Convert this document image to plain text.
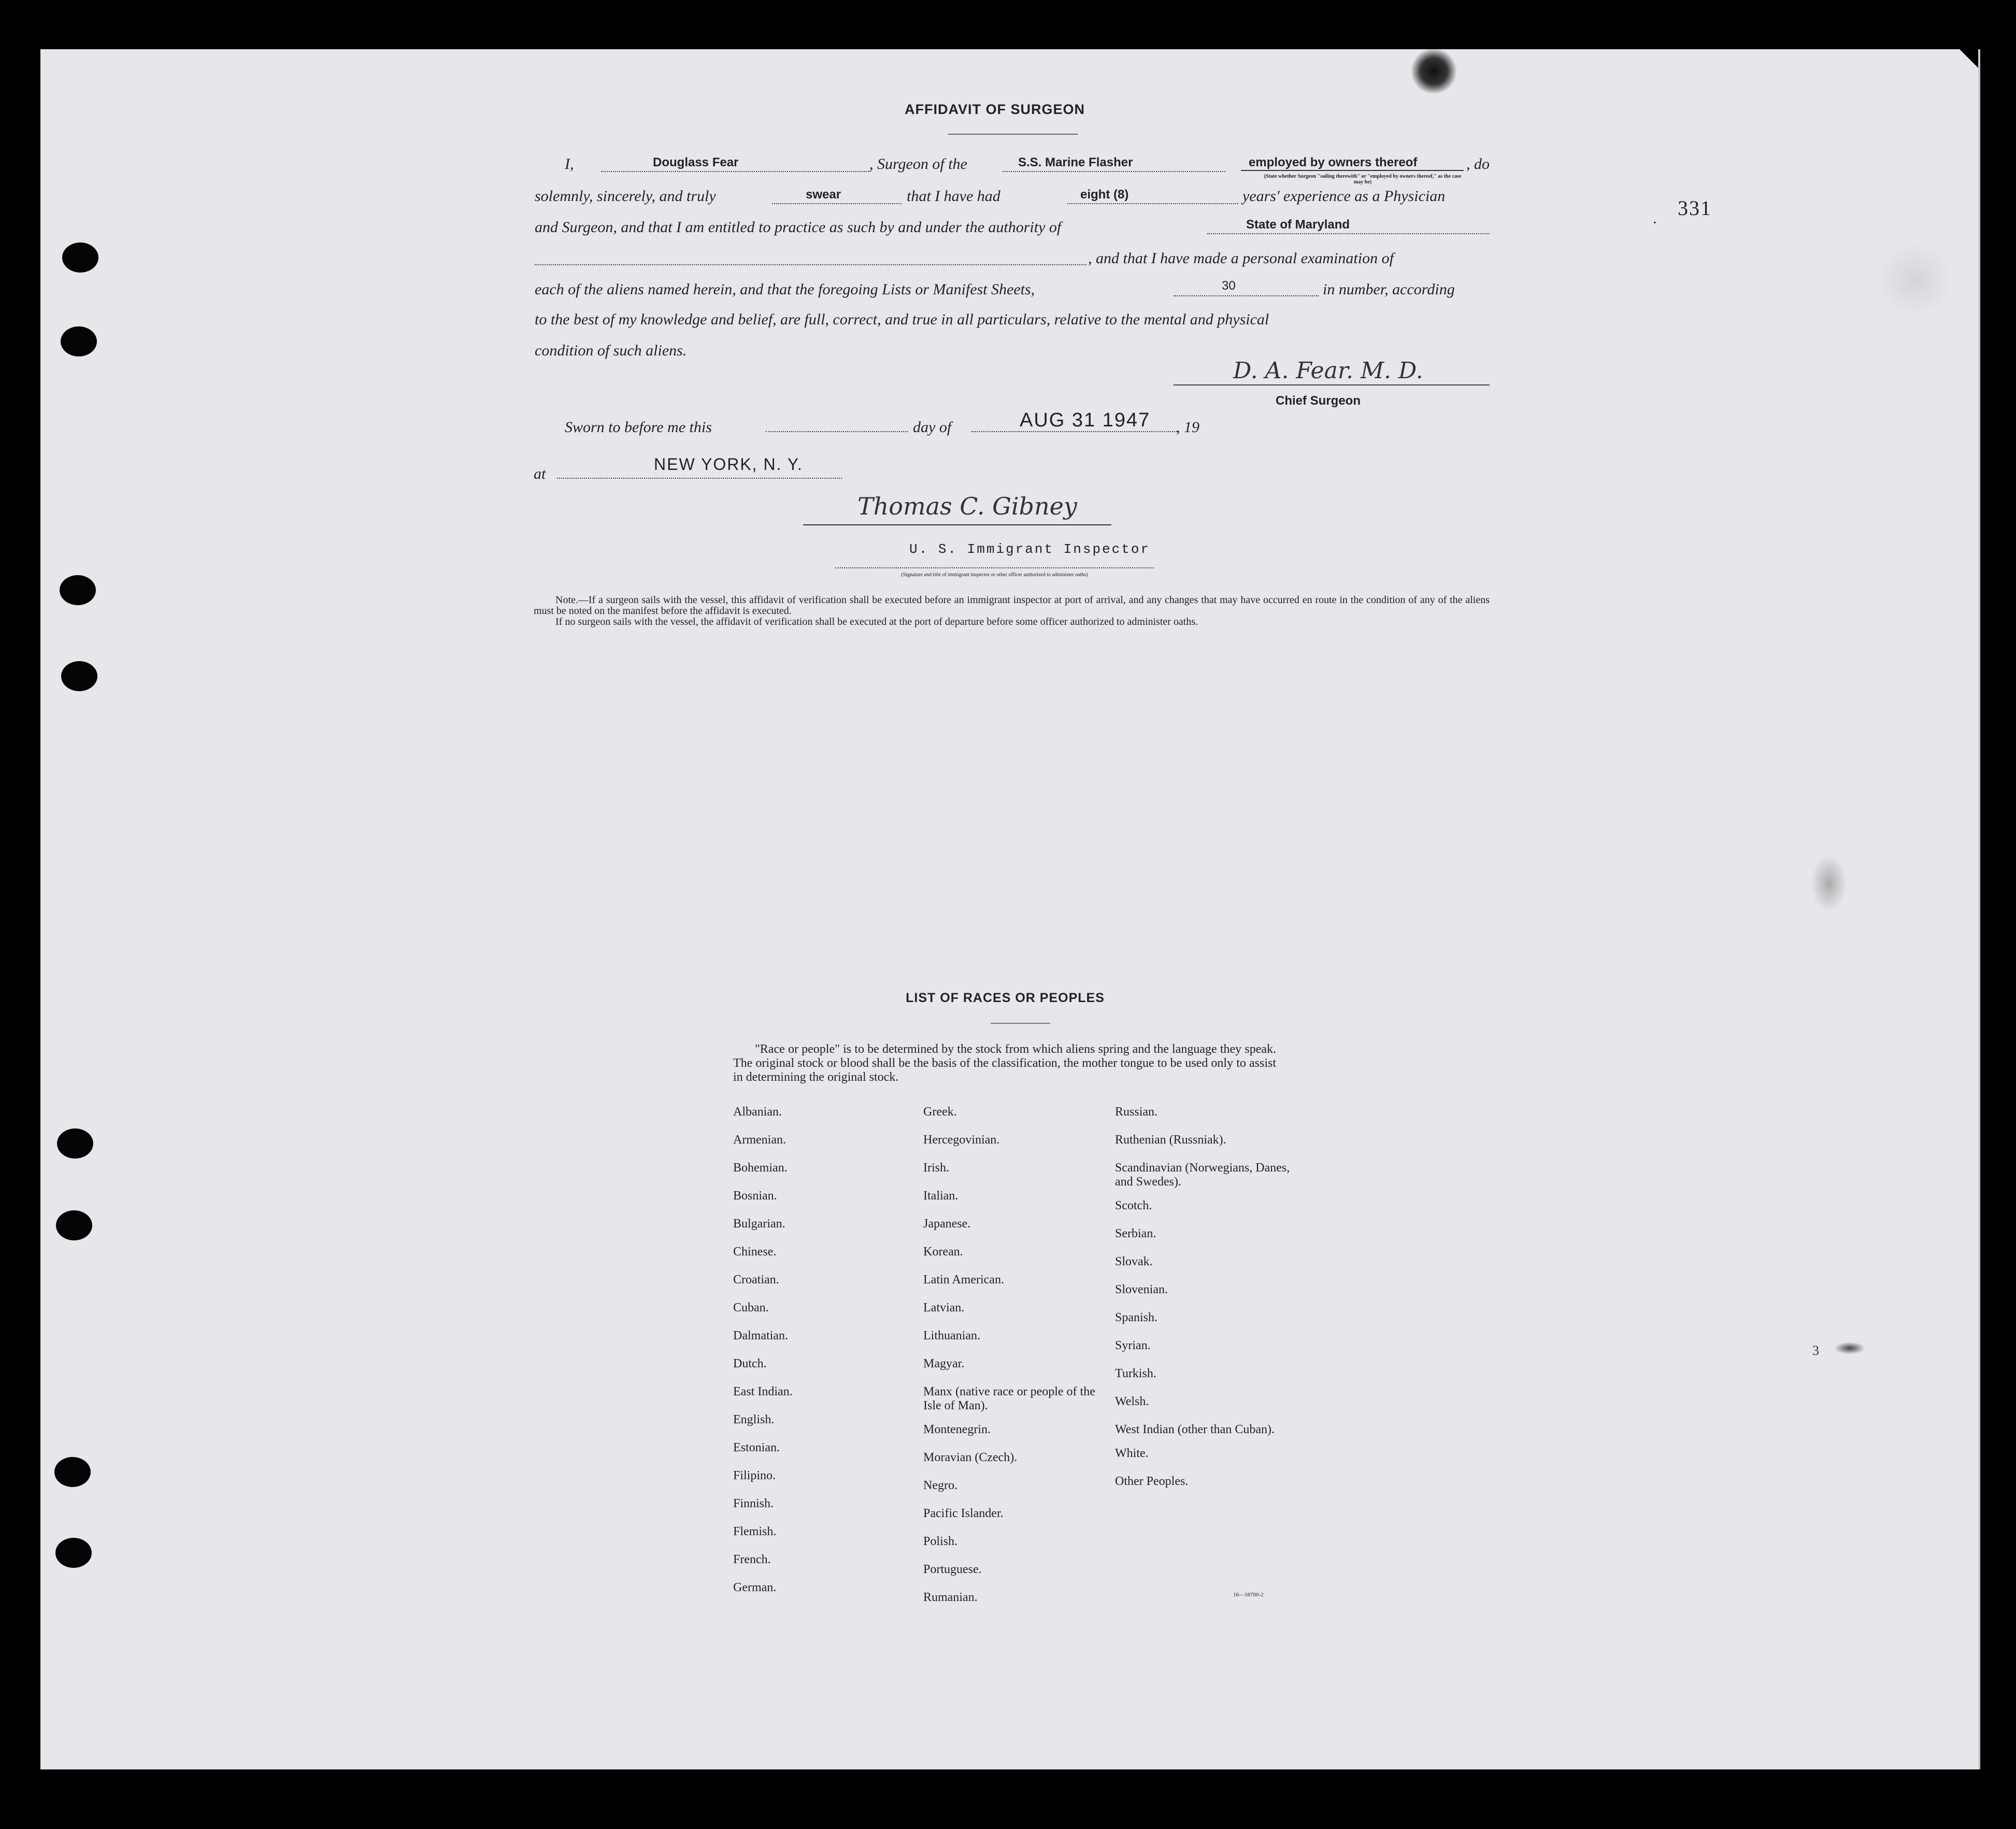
331
.
AFFIDAVIT OF SURGEON
I,	Douglass Fear	, Surgeon of the	S.S. Marine Flasher	employed by owners thereof
(State whether Surgeon "sailing therewith" or "employed by owners thereof," as the case may be)
, do
solemnly, sincerely, and truly	swear	that I have had	eight (8)	years' experience as a Physician
and Surgeon, and that I am entitled to practice as such by and under the authority of	State of Maryland
, and that I have made a personal examination of
each of the aliens named herein, and that the foregoing Lists or Manifest Sheets,	30	in number, according
to the best of my knowledge and belief, are full, correct, and true in all particulars, relative to the mental and physical
condition of such aliens.
D. A. Fear. M. D.
Chief Surgeon
Sworn to before me this	day of	AUG 31 1947 , 19
at
NEW YORK, N. Y.
Thomas C. Gibney
U. S. Immigrant Inspector
(Signature and title of immigrant inspector or other officer authorized to administer oaths)
Note.—If a surgeon sails with the vessel, this affidavit of verification shall be executed before an immigrant inspector at port of arrival, and any changes that may have occurred en route in the condition of any of the aliens must be noted on the manifest before the affidavit is executed.
If no surgeon sails with the vessel, the affidavit of verification shall be executed at the port of departure before some officer authorized to administer oaths.
LIST OF RACES OR PEOPLES
"Race or people" is to be determined by the stock from which aliens spring and the language they speak. The original stock or blood shall be the basis of the classification, the mother tongue to be used only to assist in determining the original stock.
Albanian.
Armenian.
Bohemian.
Bosnian.
Bulgarian.
Chinese.
Croatian.
Cuban.
Dalmatian.
Dutch.
East Indian.
English.
Estonian.
Filipino.
Finnish.
Flemish.
French.
German.
Greek.
Hercegovinian.
Irish.
Italian.
Japanese.
Korean.
Latin American.
Latvian.
Lithuanian.
Magyar.
Manx (native race or people of the Isle of Man).
Montenegrin.
Moravian (Czech).
Negro.
Pacific Islander.
Polish.
Portuguese.
Rumanian.
Russian.
Ruthenian (Russniak).
Scandinavian (Norwegians, Danes, and Swedes).
Scotch.
Serbian.
Slovak.
Slovenian.
Spanish.
Syrian.
Turkish.
Welsh.
West Indian (other than Cuban).
White.
Other Peoples.
16—18700-2
3
